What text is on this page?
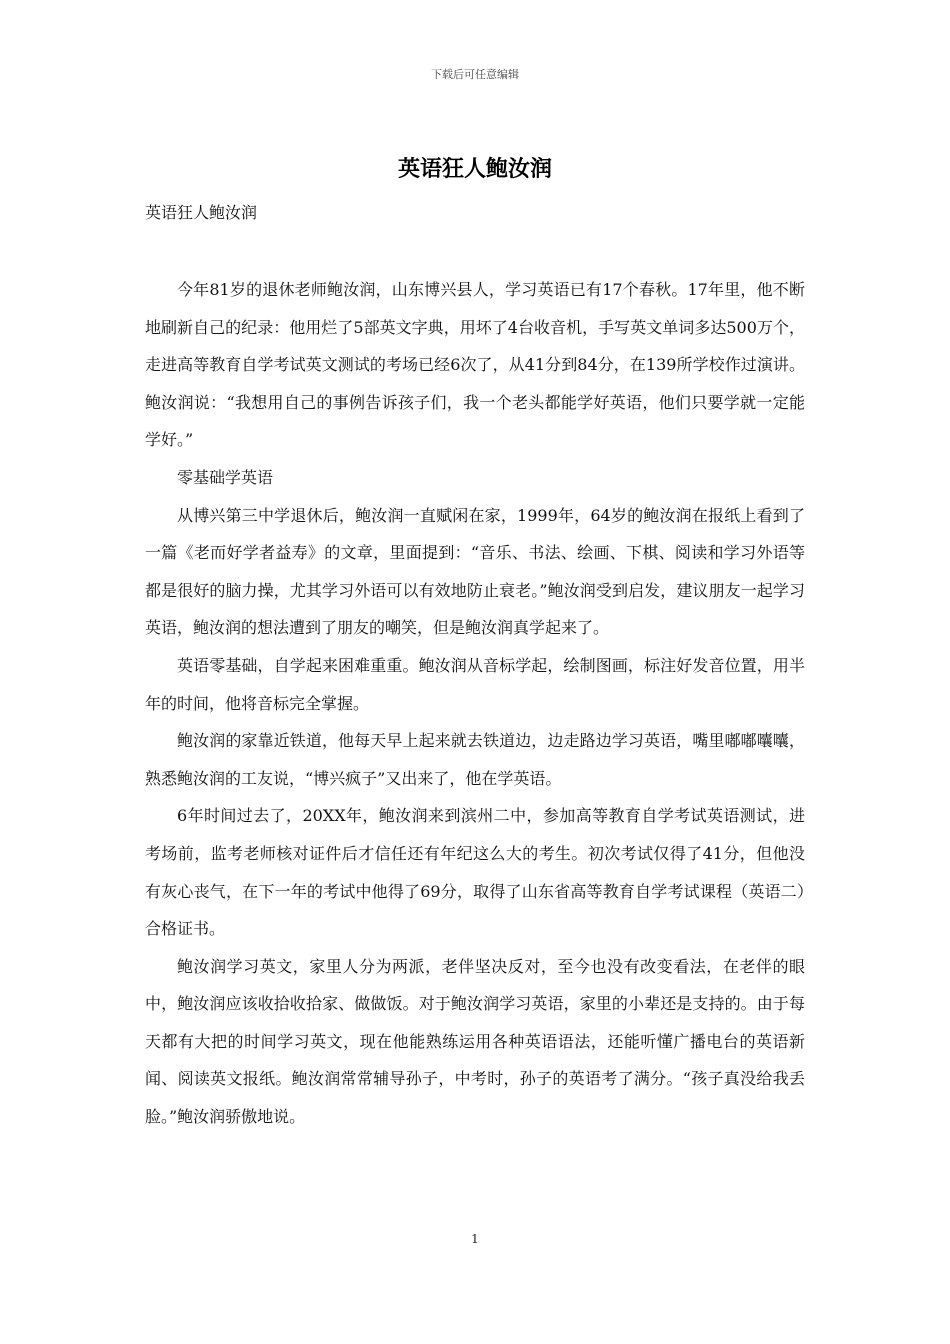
下载后可任意编辑
英语狂人鲍汝润
英语狂人鲍汝润

今年81岁的退休老师鲍汝润，山东博兴县人，学习英语已有17个春秋。17年里，他不断地刷新自己的纪录：他用烂了5部英文字典，用坏了4台收音机，手写英文单词多达500万个，走进高等教育自学考试英文测试的考场已经6次了，从41分到84分，在139所学校作过演讲。鲍汝润说：“我想用自己的事例告诉孩子们，我一个老头都能学好英语，他们只要学就一定能学好。”

零基础学英语

从博兴第三中学退休后，鲍汝润一直赋闲在家，1999年，64岁的鲍汝润在报纸上看到了一篇《老而好学者益寿》的文章，里面提到：“音乐、书法、绘画、下棋、阅读和学习外语等都是很好的脑力操，尤其学习外语可以有效地防止衰老。”鲍汝润受到启发，建议朋友一起学习英语，鲍汝润的想法遭到了朋友的嘲笑，但是鲍汝润真学起来了。

英语零基础，自学起来困难重重。鲍汝润从音标学起，绘制图画，标注好发音位置，用半年的时间，他将音标完全掌握。

鲍汝润的家靠近铁道，他每天早上起来就去铁道边，边走路边学习英语，嘴里嘟嘟囔囔，熟悉鲍汝润的工友说，“博兴疯子”又出来了，他在学英语。

6年时间过去了，20XX年，鲍汝润来到滨州二中，参加高等教育自学考试英语测试，进考场前，监考老师核对证件后才信任还有年纪这么大的考生。初次考试仅得了41分，但他没有灰心丧气，在下一年的考试中他得了69分，取得了山东省高等教育自学考试课程（英语二）合格证书。

鲍汝润学习英文，家里人分为两派，老伴坚决反对，至今也没有改变看法，在老伴的眼中，鲍汝润应该收拾收拾家、做做饭。对于鲍汝润学习英语，家里的小辈还是支持的。由于每天都有大把的时间学习英文，现在他能熟练运用各种英语语法，还能听懂广播电台的英语新闻、阅读英文报纸。鲍汝润常常辅导孙子，中考时，孙子的英语考了满分。“孩子真没给我丢脸。”鲍汝润骄傲地说。

1
